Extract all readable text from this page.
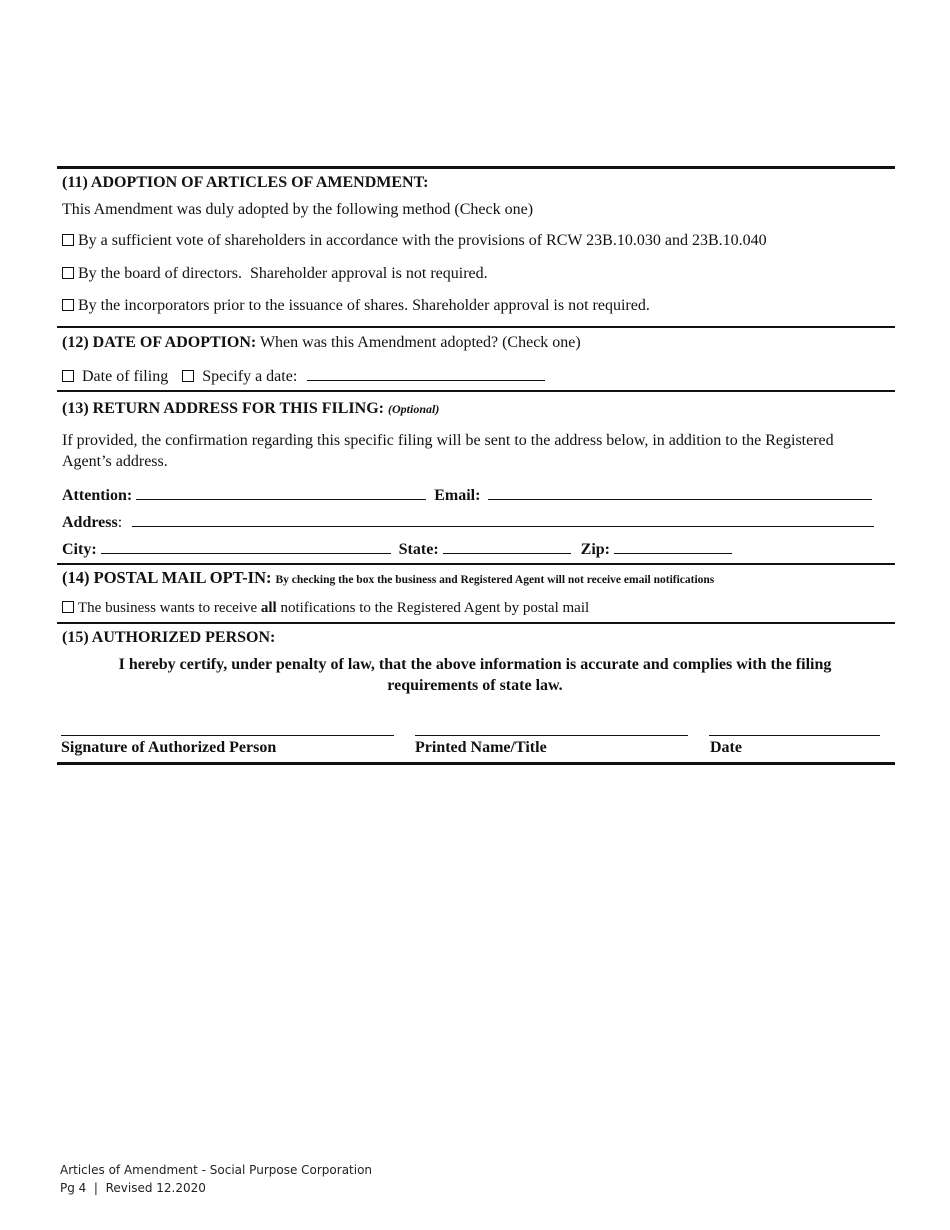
(11) ADOPTION OF ARTICLES OF AMENDMENT:
This Amendment was duly adopted by the following method (Check one)
By a sufficient vote of shareholders in accordance with the provisions of RCW 23B.10.030 and 23B.10.040
By the board of directors.  Shareholder approval is not required.
By the incorporators prior to the issuance of shares. Shareholder approval is not required.
(12) DATE OF ADOPTION: When was this Amendment adopted? (Check one)
Date of filing Specify a date:
(13) RETURN ADDRESS FOR THIS FILING: (Optional)
If provided, the confirmation regarding this specific filing will be sent to the address below, in addition to the Registered
Agent’s address.
Attention:	Email:
Address:
City:	State:	Zip:
(14) POSTAL MAIL OPT-IN: By checking the box the business and Registered Agent will not receive email notifications
The business wants to receive all notifications to the Registered Agent by postal mail
(15) AUTHORIZED PERSON:
I hereby certify, under penalty of law, that the above information is accurate and complies with the filing
requirements of state law.
Signature of Authorized Person	Printed Name/Title	Date
Articles of Amendment - Social Purpose Corporation
Pg 4  |  Revised 12.2020
